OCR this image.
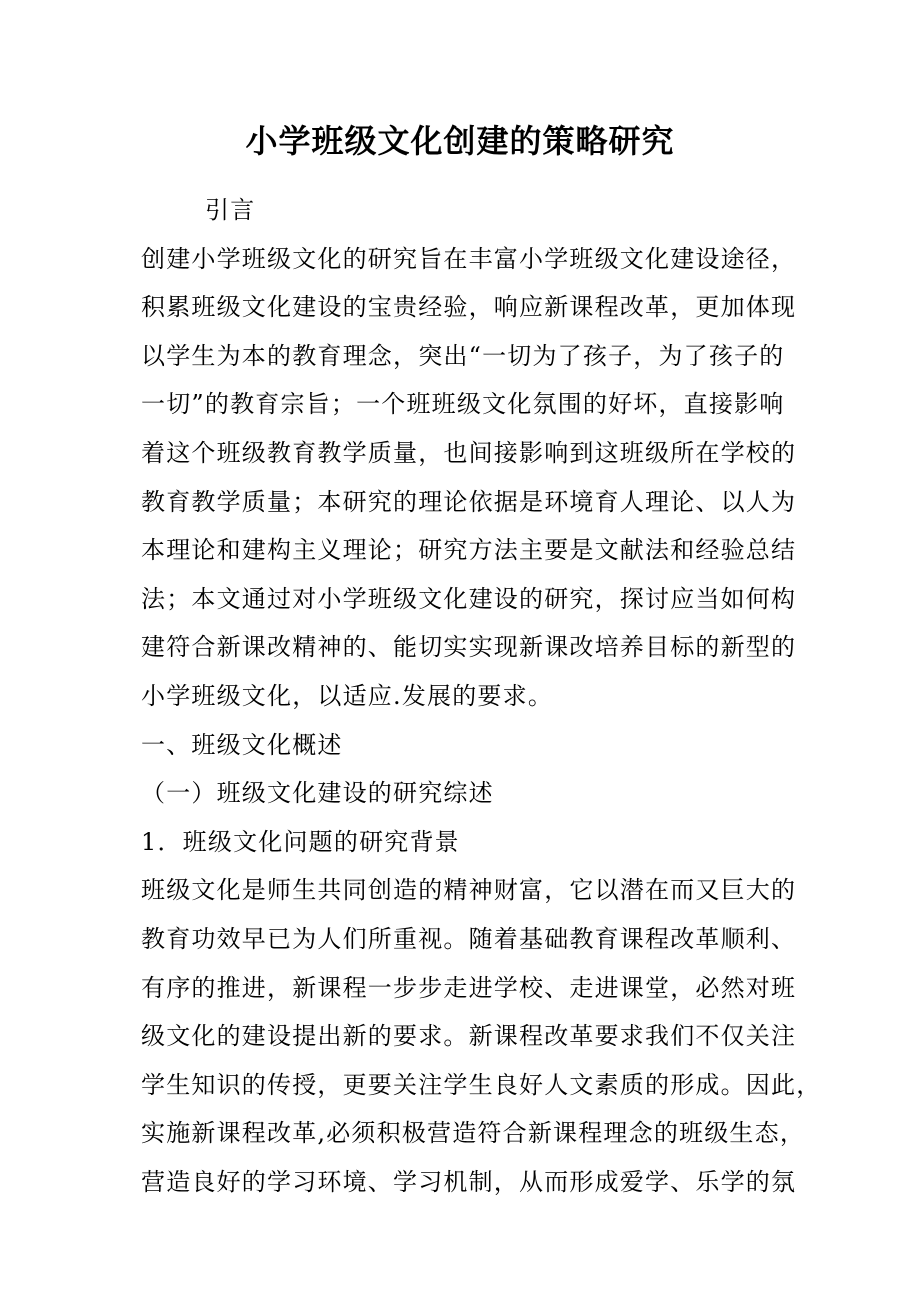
小学班级文化创建的策略研究
引言
创建小学班级文化的研究旨在丰富小学班级文化建设途径，
积累班级文化建设的宝贵经验，响应新课程改革，更加体现
以学生为本的教育理念，突出“一切为了孩子，为了孩子的
一切”的教育宗旨；一个班班级文化氛围的好坏，直接影响
着这个班级教育教学质量，也间接影响到这班级所在学校的
教育教学质量；本研究的理论依据是环境育人理论、以人为
本理论和建构主义理论；研究方法主要是文献法和经验总结
法；本文通过对小学班级文化建设的研究，探讨应当如何构
建符合新课改精神的、能切实实现新课改培养目标的新型的
小学班级文化，以适应.发展的要求。
一、班级文化概述
（一）班级文化建设的研究综述
1．班级文化问题的研究背景
班级文化是师生共同创造的精神财富，它以潜在而又巨大的
教育功效早已为人们所重视。随着基础教育课程改革顺利、
有序的推进，新课程一步步走进学校、走进课堂，必然对班
级文化的建设提出新的要求。新课程改革要求我们不仅关注
学生知识的传授，更要关注学生良好人文素质的形成。因此，
实施新课程改革,必须积极营造符合新课程理念的班级生态，
营造良好的学习环境、学习机制，从而形成爱学、乐学的氛
